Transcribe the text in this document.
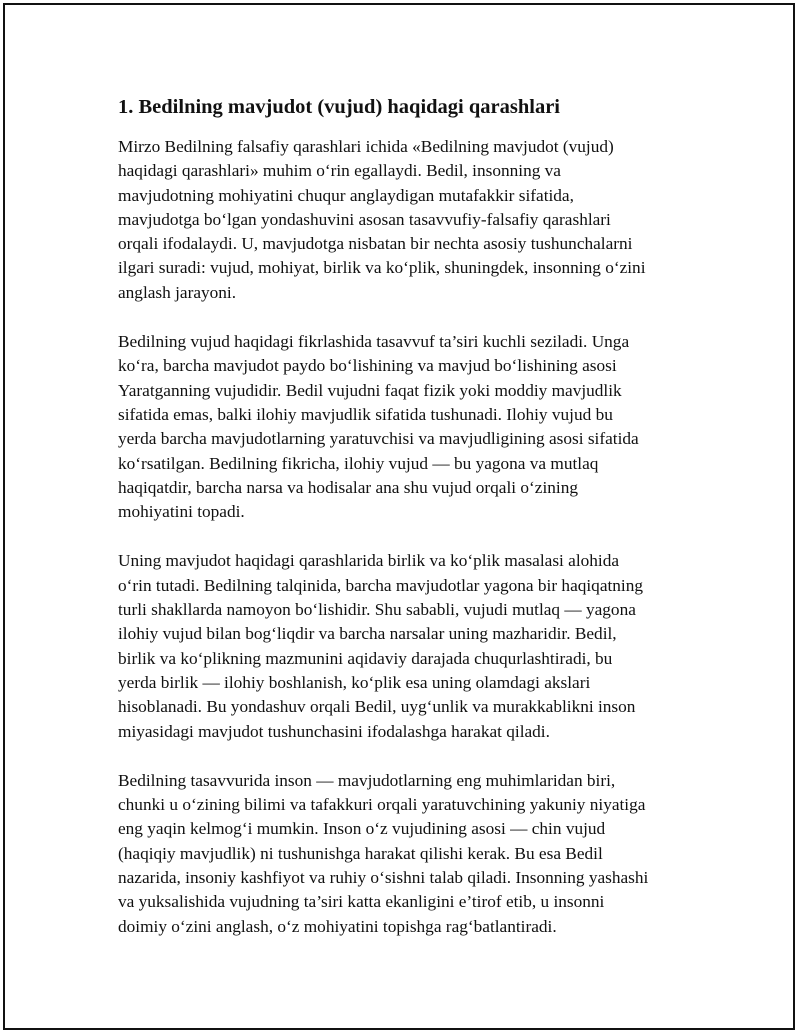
1. Bedilning mavjudot (vujud) haqidagi qarashlari
Mirzo Bedilning falsafiy qarashlari ichida «Bedilning mavjudot (vujud)
haqidagi qarashlari» muhim o‘rin egallaydi. Bedil, insonning va
mavjudotning mohiyatini chuqur anglaydigan mutafakkir sifatida,
mavjudotga bo‘lgan yondashuvini asosan tasavvufiy-falsafiy qarashlari
orqali ifodalaydi. U, mavjudotga nisbatan bir nechta asosiy tushunchalarni
ilgari suradi: vujud, mohiyat, birlik va ko‘plik, shuningdek, insonning o‘zini
anglash jarayoni.
Bedilning vujud haqidagi fikrlashida tasavvuf ta’siri kuchli seziladi. Unga
ko‘ra, barcha mavjudot paydo bo‘lishining va mavjud bo‘lishining asosi
Yaratganning vujudidir. Bedil vujudni faqat fizik yoki moddiy mavjudlik
sifatida emas, balki ilohiy mavjudlik sifatida tushunadi. Ilohiy vujud bu
yerda barcha mavjudotlarning yaratuvchisi va mavjudligining asosi sifatida
ko‘rsatilgan. Bedilning fikricha, ilohiy vujud — bu yagona va mutlaq
haqiqatdir, barcha narsa va hodisalar ana shu vujud orqali o‘zining
mohiyatini topadi.
Uning mavjudot haqidagi qarashlarida birlik va ko‘plik masalasi alohida
o‘rin tutadi. Bedilning talqinida, barcha mavjudotlar yagona bir haqiqatning
turli shakllarda namoyon bo‘lishidir. Shu sababli, vujudi mutlaq — yagona
ilohiy vujud bilan bog‘liqdir va barcha narsalar uning mazharidir. Bedil,
birlik va ko‘plikning mazmunini aqidaviy darajada chuqurlashtiradi, bu
yerda birlik — ilohiy boshlanish, ko‘plik esa uning olamdagi akslari
hisoblanadi. Bu yondashuv orqali Bedil, uyg‘unlik va murakkablikni inson
miyasidagi mavjudot tushunchasini ifodalashga harakat qiladi.
Bedilning tasavvurida inson — mavjudotlarning eng muhimlaridan biri,
chunki u o‘zining bilimi va tafakkuri orqali yaratuvchining yakuniy niyatiga
eng yaqin kelmog‘i mumkin. Inson o‘z vujudining asosi — chin vujud
(haqiqiy mavjudlik) ni tushunishga harakat qilishi kerak. Bu esa Bedil
nazarida, insoniy kashfiyot va ruhiy o‘sishni talab qiladi. Insonning yashashi
va yuksalishida vujudning ta’siri katta ekanligini e’tirof etib, u insonni
doimiy o‘zini anglash, o‘z mohiyatini topishga rag‘batlantiradi.
